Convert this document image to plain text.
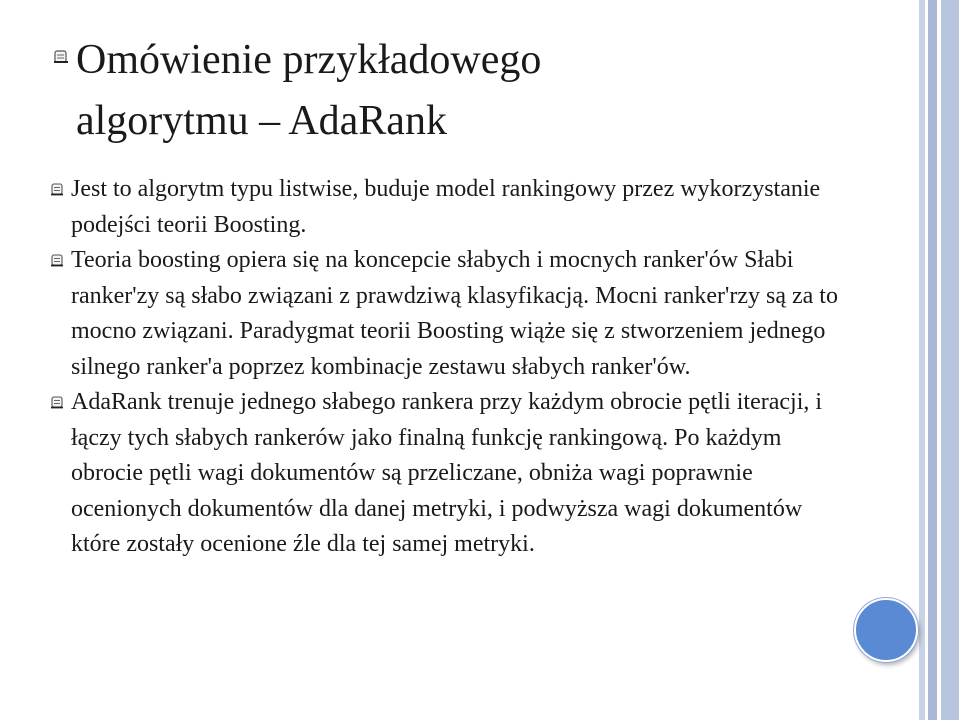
Omówienie przykładowego
algorytmu – AdaRank
Jest to algorytm typu listwise, buduje model rankingowy przez wykorzystanie podejści teorii Boosting.
Teoria boosting opiera się na koncepcie słabych i mocnych ranker'ów Słabi ranker'zy są słabo związani z prawdziwą klasyfikacją. Mocni ranker'rzy są za to mocno związani. Paradygmat teorii Boosting wiąże się z stworzeniem jednego silnego ranker'a poprzez kombinacje zestawu słabych ranker'ów.
AdaRank trenuje jednego słabego rankera przy każdym obrocie pętli iteracji, i łączy tych słabych rankerów jako finalną funkcję rankingową. Po każdym obrocie pętli wagi dokumentów są przeliczane, obniża wagi poprawnie ocenionych dokumentów dla danej metryki, i podwyższa wagi dokumentów które zostały ocenione źle dla tej samej metryki.
